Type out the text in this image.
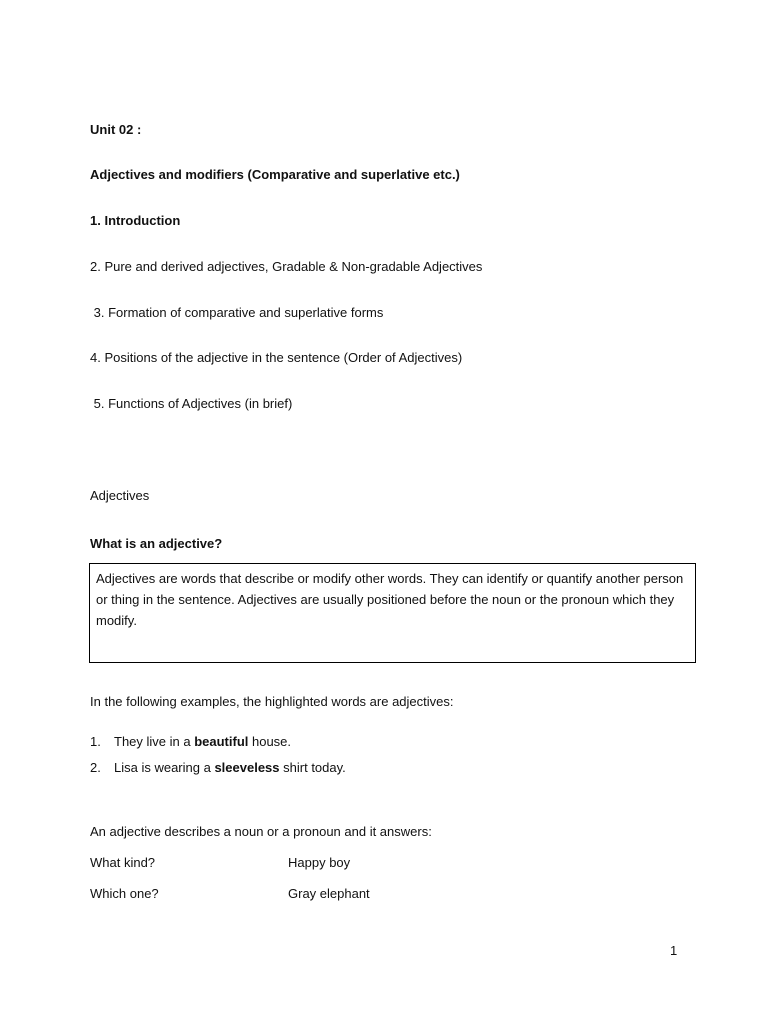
Unit 02 :
Adjectives and modifiers (Comparative and superlative etc.)
1. Introduction
2. Pure and derived adjectives, Gradable & Non-gradable Adjectives
3. Formation of comparative and superlative forms
4. Positions of the adjective in the sentence (Order of Adjectives)
5. Functions of Adjectives (in brief)
Adjectives
What is an adjective?
Adjectives are words that describe or modify other words. They can identify or quantify another person or thing in the sentence. Adjectives are usually positioned before the noun or the pronoun which they modify.
In the following examples, the highlighted words are adjectives:
1. They live in a beautiful house.
2. Lisa is wearing a sleeveless shirt today.
An adjective describes a noun or a pronoun and it answers:
What kind?	Happy boy
Which one?	Gray elephant
1
